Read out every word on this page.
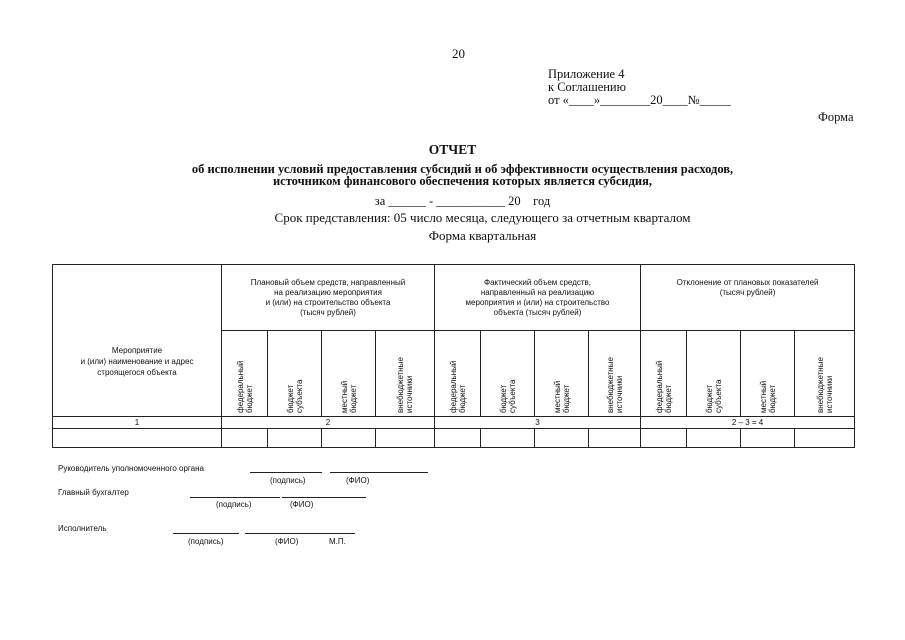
20
Приложение 4
к Соглашению
от «____»________20____№_____
Форма
ОТЧЕТ
об исполнении условий предоставления субсидий и об эффективности осуществления расходов,
источником финансового обеспечения которых является субсидия,
за ______ - ___________ 20    год
Срок представления: 05 число месяца, следующего за отчетным кварталом
Форма квартальная

Мероприятие
и (или) наименование и адрес
строящегося объекта	Плановый объем средств, направленный
на реализацию мероприятия
и (или) на строительство объекта
(тысяч рублей)				Фактический объем средств,
направленный на реализацию
мероприятия и (или) на строительство
объекта (тысяч рублей)				Отклонение от плановых показателей
(тысяч рублей)			

	федеральный
бюджет	бюджет
субъекта	местный
бюджет	внебюджетные
источники	федеральный
бюджет	бюджет
субъекта	местный
бюджет	внебюджетные
источники	федеральный
бюджет	бюджет
субъекта	местный
бюджет	внебюджетные
источники
1	2				3				2 – 3 = 4			

Руководитель уполномоченного органа
(подпись)	(ФИО)
Главный бухгалтер
(подпись)	(ФИО)
Исполнитель
(подпись)	(ФИО)	М.П.
